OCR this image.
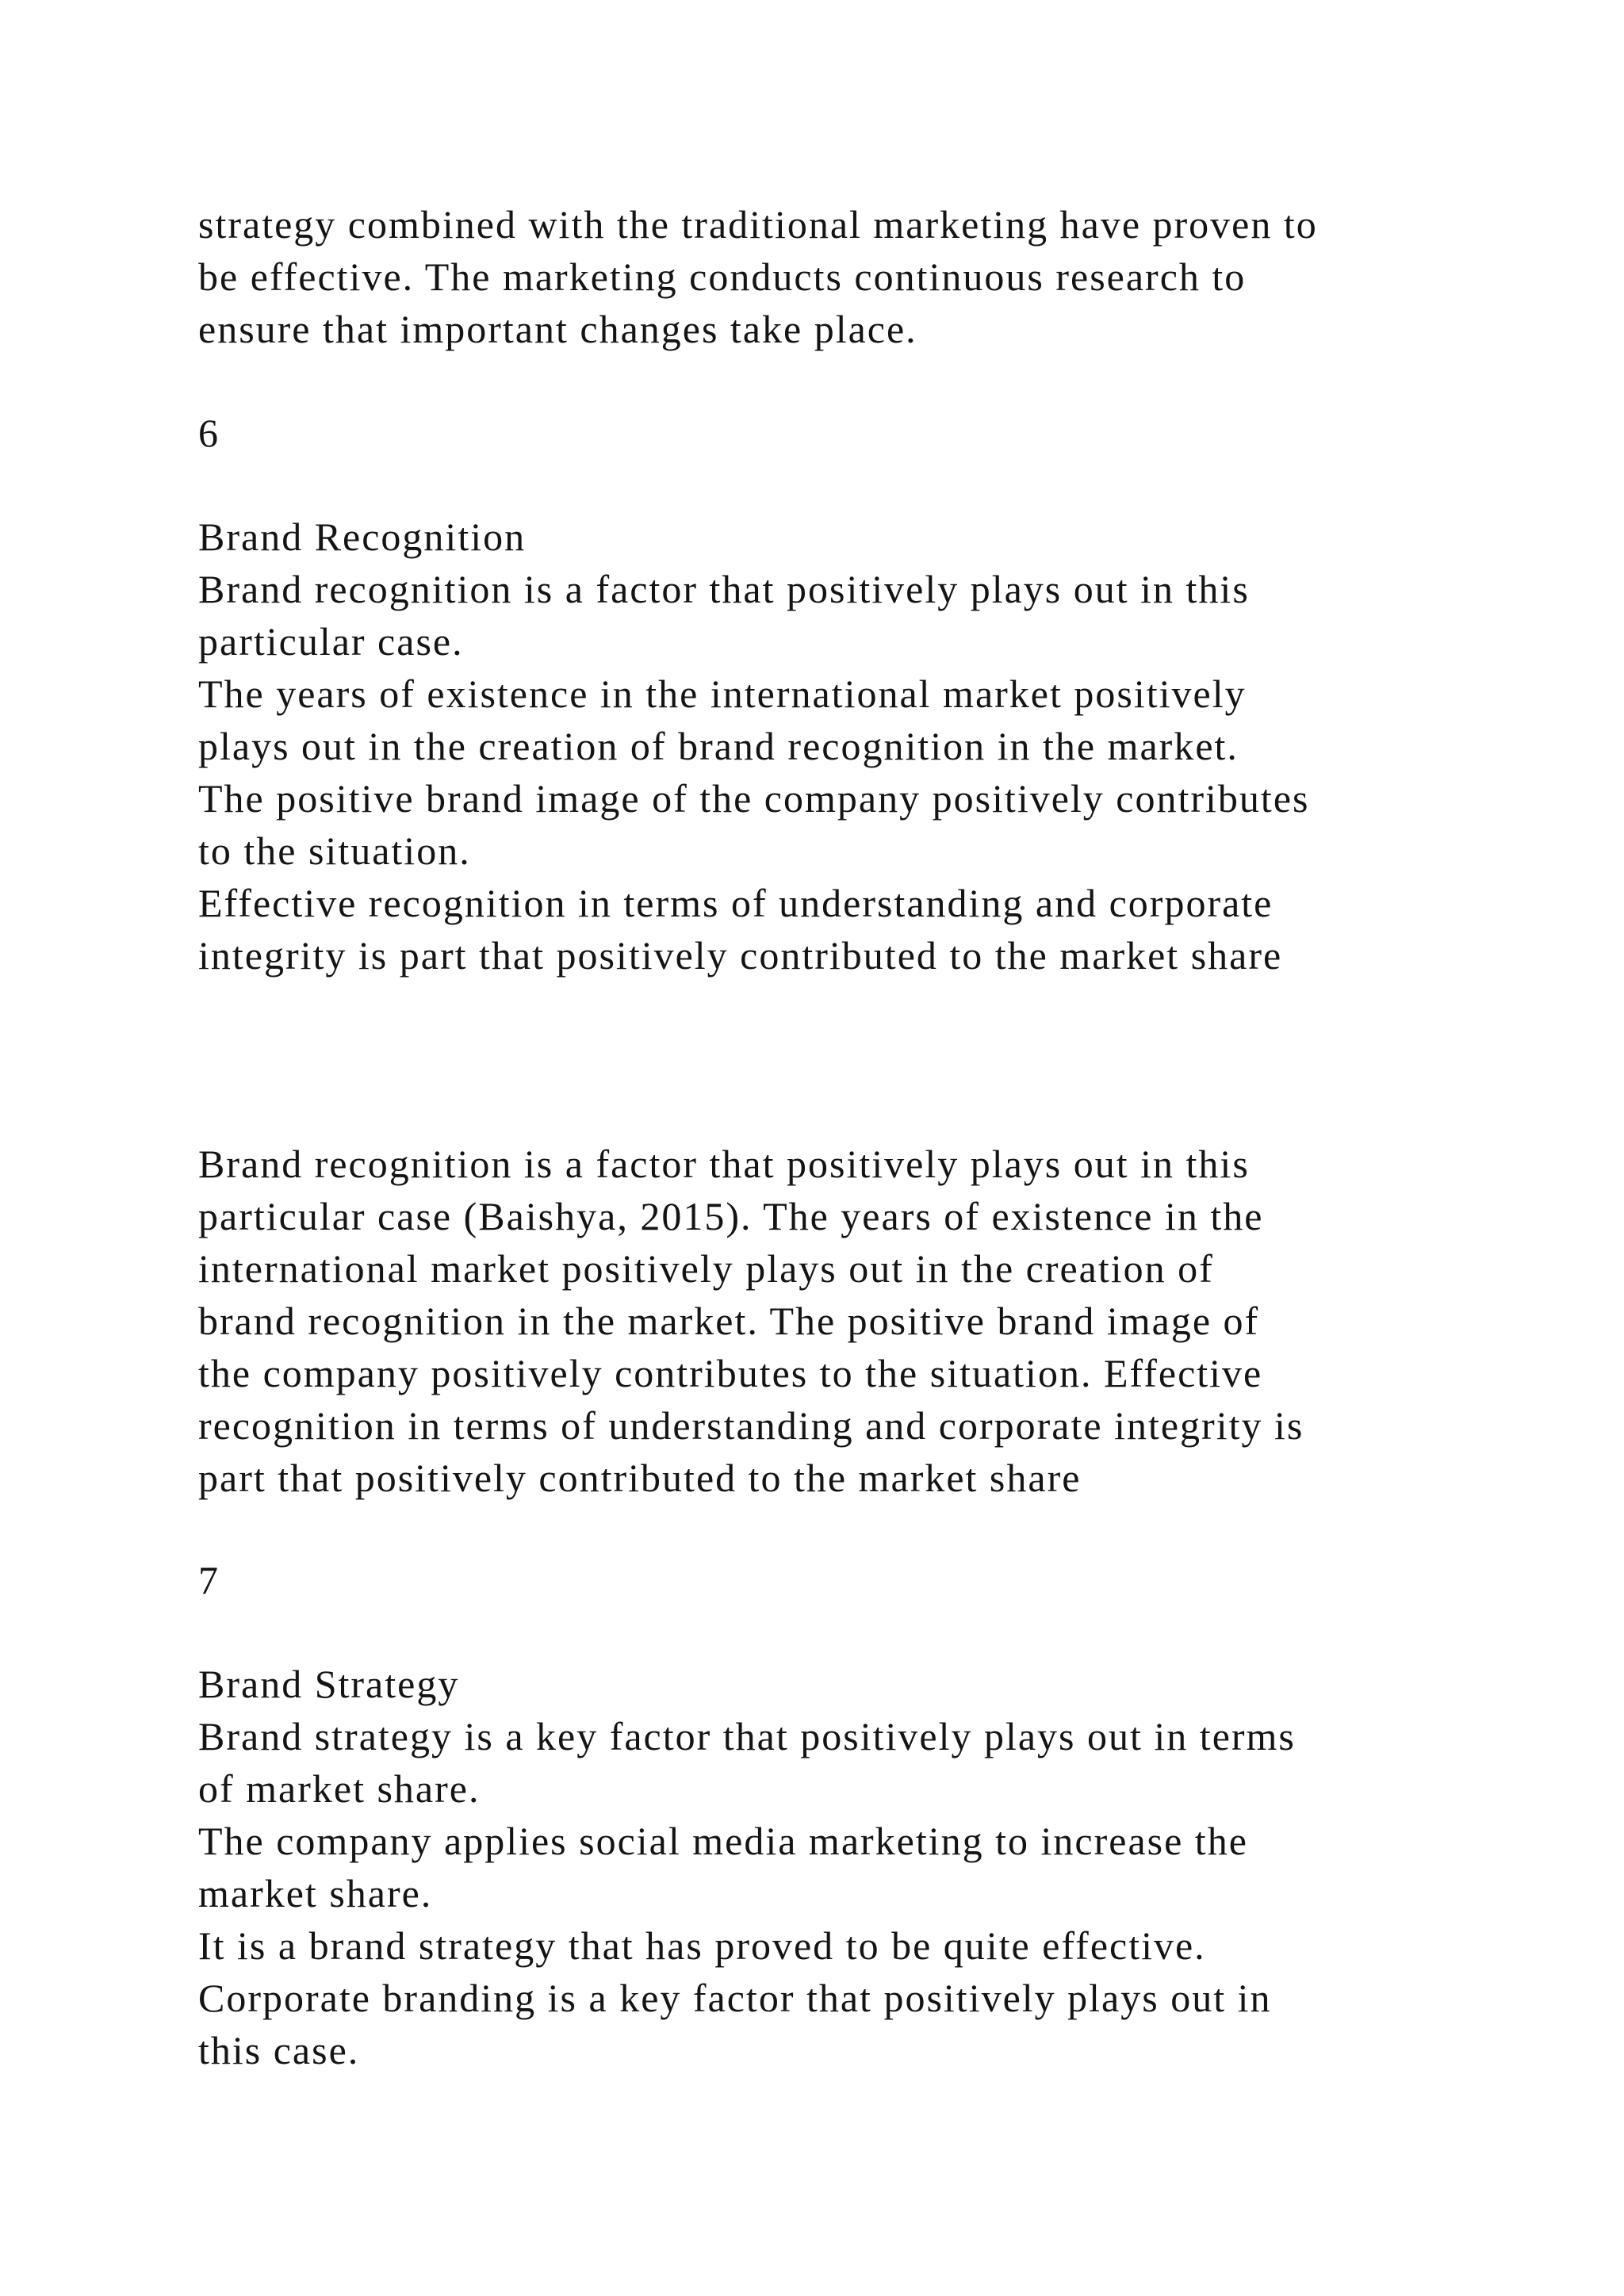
strategy combined with the traditional marketing have proven to
be effective. The marketing conducts continuous research to
ensure that important changes take place.
6
Brand Recognition
Brand recognition is a factor that positively plays out in this
particular case.
The years of existence in the international market positively
plays out in the creation of brand recognition in the market.
The positive brand image of the company positively contributes
to the situation.
Effective recognition in terms of understanding and corporate
integrity is part that positively contributed to the market share
Brand recognition is a factor that positively plays out in this
particular case (Baishya, 2015). The years of existence in the
international market positively plays out in the creation of
brand recognition in the market. The positive brand image of
the company positively contributes to the situation. Effective
recognition in terms of understanding and corporate integrity is
part that positively contributed to the market share
7
Brand Strategy
Brand strategy is a key factor that positively plays out in terms
of market share.
The company applies social media marketing to increase the
market share.
It is a brand strategy that has proved to be quite effective.
Corporate branding is a key factor that positively plays out in
this case.
